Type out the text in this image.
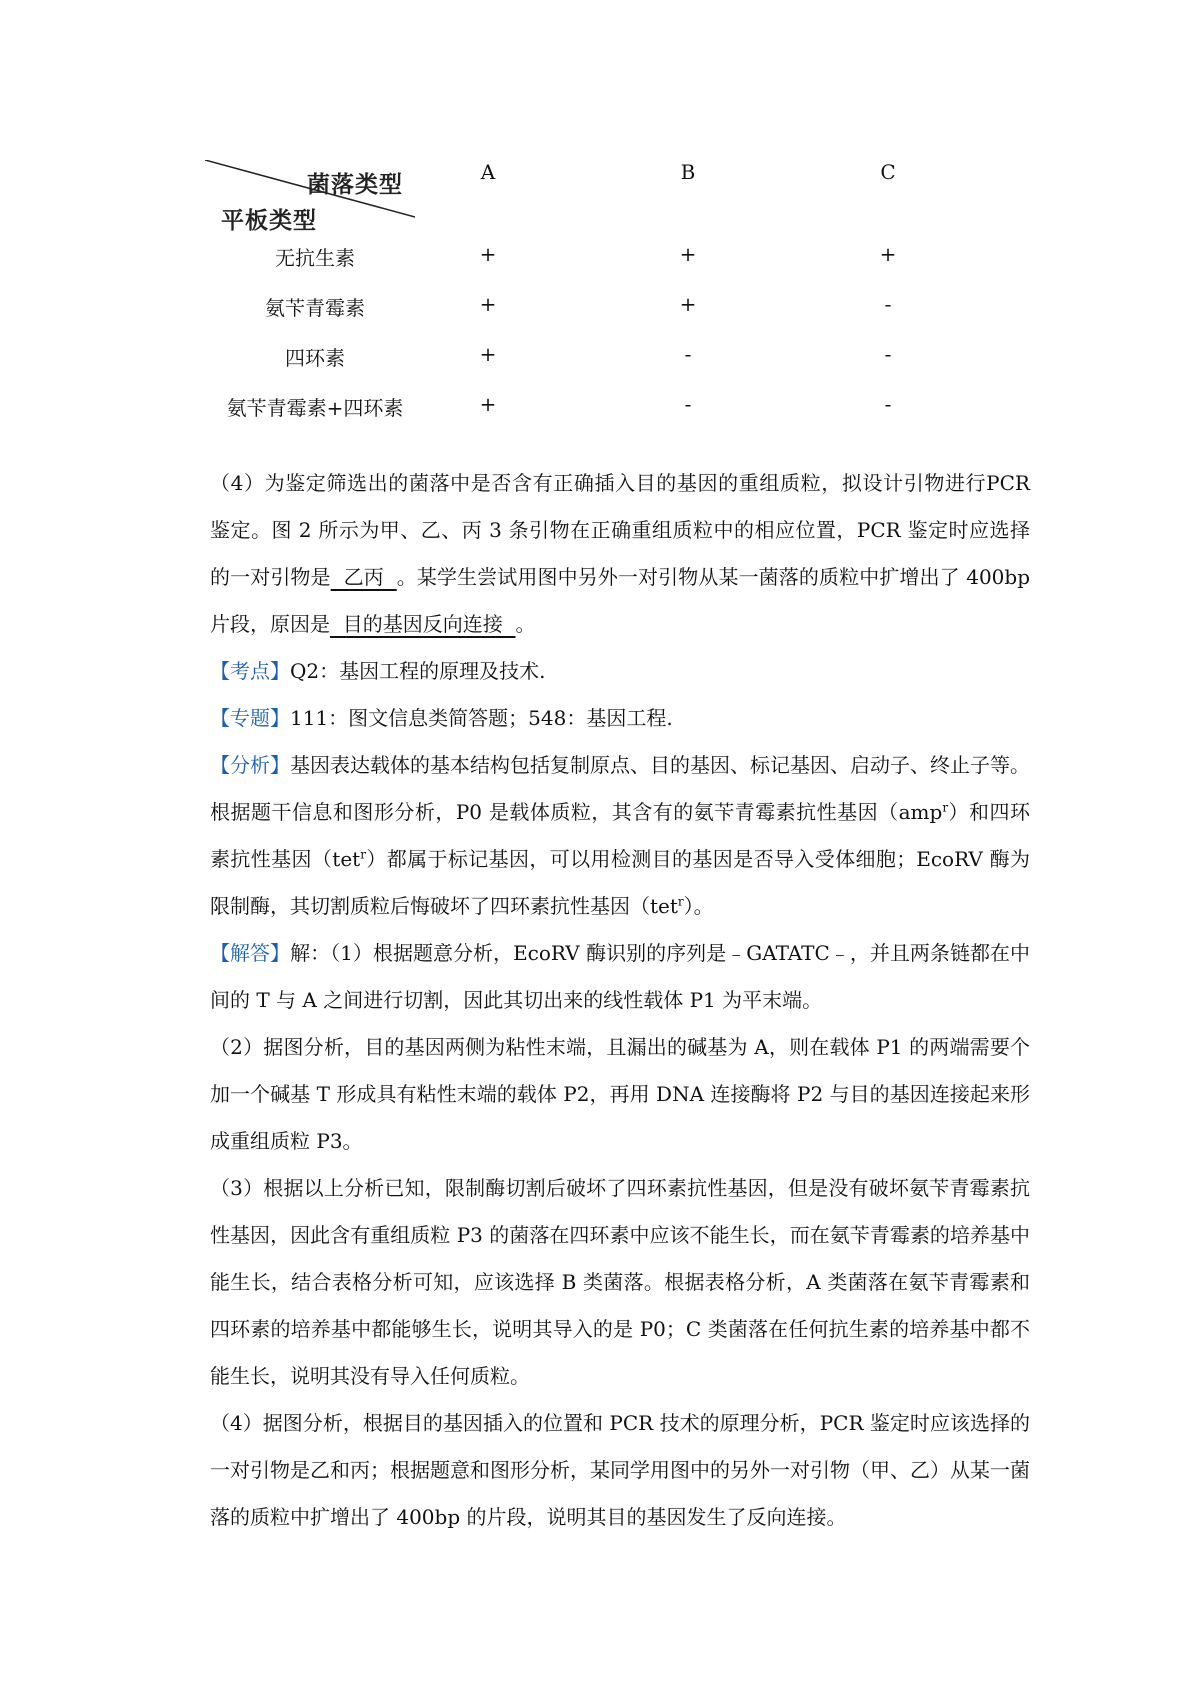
菌落类型
平板类型
A	B	C
无抗生素	+	+	+
氨苄青霉素	+	+	-
四环素	+	-	-
氨苄青霉素+四环素	+	-	-
（4）为鉴定筛选出的菌落中是否含有正确插入目的基因的重组质粒，拟设计引物进行PCR 鉴定。图 2 所示为甲、乙、丙 3 条引物在正确重组质粒中的相应位置，PCR 鉴定时应选择的一对引物是  乙丙  。某学生尝试用图中另外一对引物从某一菌落的质粒中扩增出了 400bp 片段，原因是  目的基因反向连接  。
【考点】Q2：基因工程的原理及技术.
【专题】111：图文信息类简答题；548：基因工程.
【分析】基因表达载体的基本结构包括复制原点、目的基因、标记基因、启动子、终止子等。根据题干信息和图形分析，P0 是载体质粒，其含有的氨苄青霉素抗性基因（amp$^r$）和四环素抗性基因（tet$^r$）都属于标记基因，可以用检测目的基因是否导入受体细胞；EcoRV 酶为限制酶，其切割质粒后悔破坏了四环素抗性基因（tet$^r$）。
【解答】解：（1）根据题意分析，EcoRV 酶识别的序列是﹣GATATC﹣，并且两条链都在中间的 T 与 A 之间进行切割，因此其切出来的线性载体 P1 为平末端。
（2）据图分析，目的基因两侧为粘性末端，且漏出的碱基为 A，则在载体 P1 的两端需要个加一个碱基 T 形成具有粘性末端的载体 P2，再用 DNA 连接酶将 P2 与目的基因连接起来形成重组质粒 P3。
（3）根据以上分析已知，限制酶切割后破坏了四环素抗性基因，但是没有破坏氨苄青霉素抗性基因，因此含有重组质粒 P3 的菌落在四环素中应该不能生长，而在氨苄青霉素的培养基中能生长，结合表格分析可知，应该选择 B 类菌落。根据表格分析，A 类菌落在氨苄青霉素和四环素的培养基中都能够生长，说明其导入的是 P0；C 类菌落在任何抗生素的培养基中都不能生长，说明其没有导入任何质粒。
（4）据图分析，根据目的基因插入的位置和 PCR 技术的原理分析，PCR 鉴定时应该选择的一对引物是乙和丙；根据题意和图形分析，某同学用图中的另外一对引物（甲、乙）从某一菌落的质粒中扩增出了 400bp 的片段，说明其目的基因发生了反向连接。
